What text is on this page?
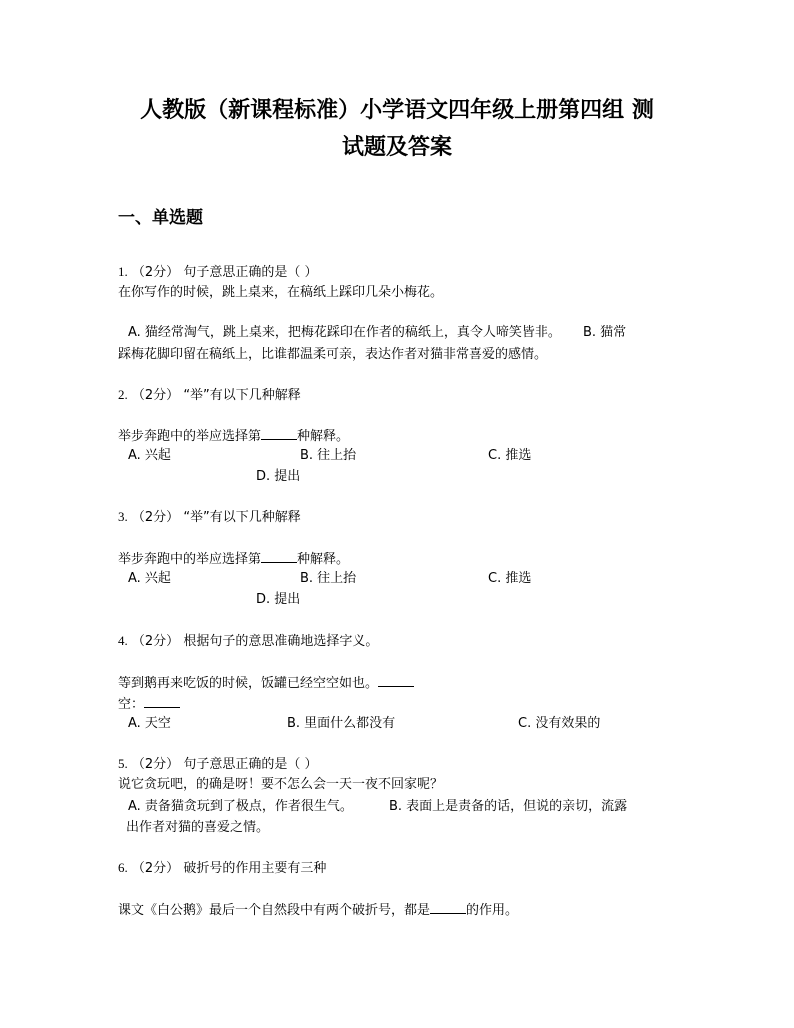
人教版（新课程标准）小学语文四年级上册第四组 测
试题及答案
一、单选题
1. （2分） 句子意思正确的是（ ）
在你写作的时候，跳上桌来，在稿纸上踩印几朵小梅花。
A. 猫经常淘气，跳上桌来，把梅花踩印在作者的稿纸上，真令人啼笑皆非。 B. 猫常
踩梅花脚印留在稿纸上，比谁都温柔可亲，表达作者对猫非常喜爱的感情。
2. （2分） “举”有以下几种解释
举步奔跑中的举应选择第	种解释。
A. 兴起	B. 往上抬	C. 推选
D. 提出
3. （2分） “举”有以下几种解释
举步奔跑中的举应选择第	种解释。
A. 兴起	B. 往上抬	C. 推选
D. 提出
4. （2分） 根据句子的意思准确地选择字义。
等到鹅再来吃饭的时候，饭罐已经空空如也。
空：
A. 天空	B. 里面什么都没有	C. 没有效果的
5. （2分） 句子意思正确的是（ ）
说它贪玩吧，的确是呀！要不怎么会一天一夜不回家呢？
A. 责备猫贪玩到了极点，作者很生气。	B. 表面上是责备的话，但说的亲切，流露
出作者对猫的喜爱之情。
6. （2分） 破折号的作用主要有三种
课文《白公鹅》最后一个自然段中有两个破折号，都是	的作用。
